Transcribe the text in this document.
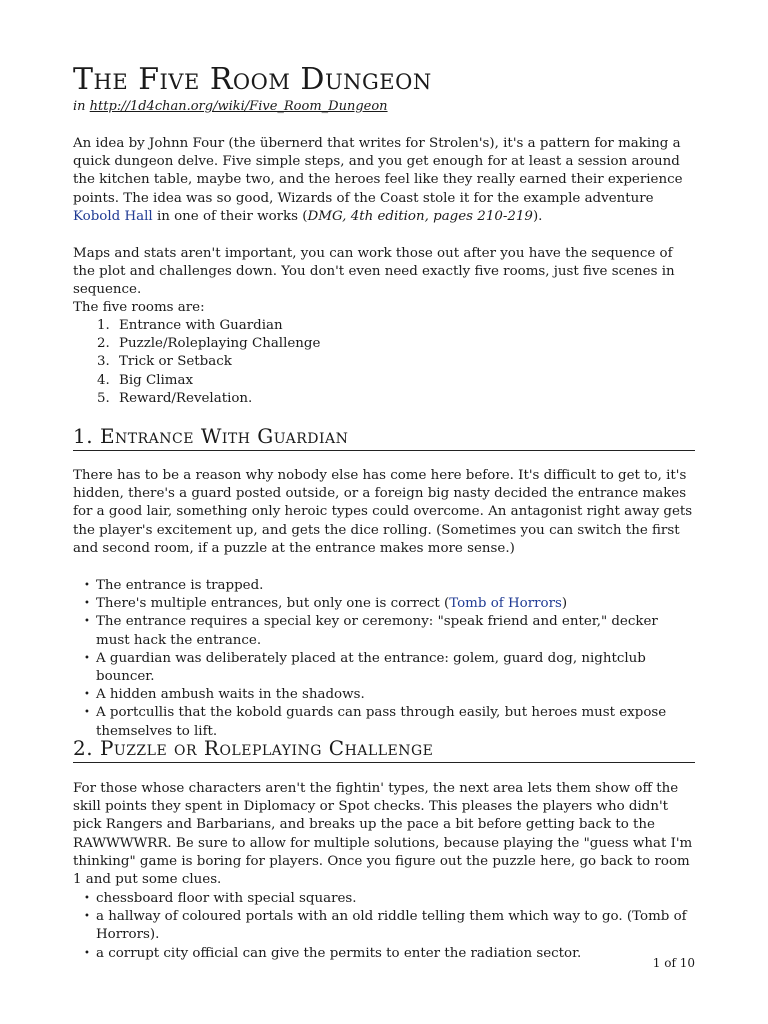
The Five Room Dungeon
in http://1d4chan.org/wiki/Five_Room_Dungeon

An idea by Johnn Four (the übernerd that writes for Strolen's), it's a pattern for making a quick dungeon delve. Five simple steps, and you get enough for at least a session around the kitchen table, maybe two, and the heroes feel like they really earned their experience points. The idea was so good, Wizards of the Coast stole it for the example adventure Kobold Hall in one of their works (DMG, 4th edition, pages 210-219).

Maps and stats aren't important, you can work those out after you have the sequence of the plot and challenges down. You don't even need exactly five rooms, just five scenes in sequence.

The five rooms are:

1. Entrance with Guardian
2. Puzzle/Roleplaying Challenge
3. Trick or Setback
4. Big Climax
5. Reward/Revelation.
1. Entrance With Guardian

There has to be a reason why nobody else has come here before. It's difficult to get to, it's hidden, there's a guard posted outside, or a foreign big nasty decided the entrance makes for a good lair, something only heroic types could overcome. An antagonist right away gets the player's excitement up, and gets the dice rolling. (Sometimes you can switch the first and second room, if a puzzle at the entrance makes more sense.)

• The entrance is trapped.
• There's multiple entrances, but only one is correct (Tomb of Horrors)
• The entrance requires a special key or ceremony: "speak friend and enter," decker must hack the entrance.
• A guardian was deliberately placed at the entrance: golem, guard dog, nightclub bouncer.
• A hidden ambush waits in the shadows.
• A portcullis that the kobold guards can pass through easily, but heroes must expose themselves to lift.
2. Puzzle or Roleplaying Challenge

For those whose characters aren't the fightin' types, the next area lets them show off the skill points they spent in Diplomacy or Spot checks. This pleases the players who didn't pick Rangers and Barbarians, and breaks up the pace a bit before getting back to the RAWWWWRR. Be sure to allow for multiple solutions, because playing the "guess what I'm thinking" game is boring for players. Once you figure out the puzzle here, go back to room 1 and put some clues.

• chessboard floor with special squares.
• a hallway of coloured portals with an old riddle telling them which way to go. (Tomb of Horrors).
• a corrupt city official can give the permits to enter the radiation sector.
1 of 10
